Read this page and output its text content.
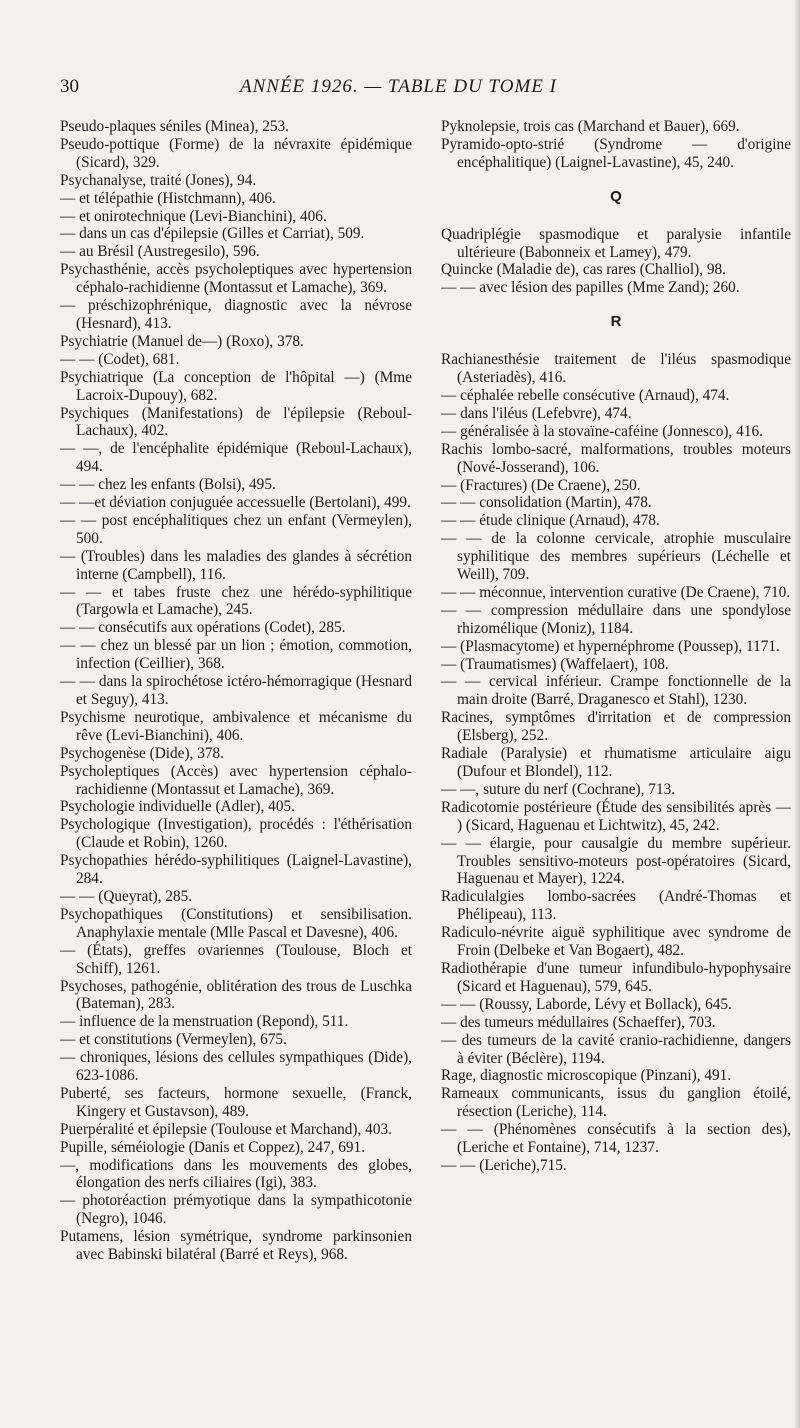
30	ANNÉE 1926. — TABLE DU TOME I

Pseudo-plaques séniles (Minea), 253.

Pseudo-pottique (Forme) de la névraxite épidémique (Sicard), 329.

Psychanalyse, traité (Jones), 94.

— et télépathie (Histchmann), 406.

— et onirotechnique (Levi-Bianchini), 406.

— dans un cas d'épilepsie (Gilles et Carriat), 509.

— au Brésil (Austregesilo), 596.

Psychasthénie, accès psycholeptiques avec hypertension céphalo-rachidienne (Montassut et Lamache), 369.

— préschizophrénique, diagnostic avec la névrose (Hesnard), 413.

Psychiatrie (Manuel de—) (Roxo), 378.

— — (Codet), 681.

Psychiatrique (La conception de l'hôpital —) (Mme Lacroix-Dupouy), 682.

Psychiques (Manifestations) de l'épilepsie (Reboul-Lachaux), 402.

— —, de l'encéphalite épidémique (Reboul-Lachaux), 494.

— — chez les enfants (Bolsi), 495.

— —et déviation conjuguée accessuelle (Bertolani), 499.

— — post encéphalitiques chez un enfant (Vermeylen), 500.

— (Troubles) dans les maladies des glandes à sécrétion interne (Campbell), 116.

— — et tabes fruste chez une hérédo-syphilitique (Targowla et Lamache), 245.

— — consécutifs aux opérations (Codet), 285.

— — chez un blessé par un lion ; émotion, commotion, infection (Ceillier), 368.

— — dans la spirochétose ictéro-hémorragique (Hesnard et Seguy), 413.

Psychisme neurotique, ambivalence et mécanisme du rêve (Levi-Bianchini), 406.

Psychogenèse (Dide), 378.

Psycholeptiques (Accès) avec hypertension céphalo-rachidienne (Montassut et Lamache), 369.

Psychologie individuelle (Adler), 405.

Psychologique (Investigation), procédés : l'éthérisation (Claude et Robin), 1260.

Psychopathies hérédo-syphilitiques (Laignel-Lavastine), 284.

— — (Queyrat), 285.

Psychopathiques (Constitutions) et sensibilisation. Anaphylaxie mentale (Mlle Pascal et Davesne), 406.

— (États), greffes ovariennes (Toulouse, Bloch et Schiff), 1261.

Psychoses, pathogénie, oblitération des trous de Luschka (Bateman), 283.

— influence de la menstruation (Repond), 511.

— et constitutions (Vermeylen), 675.

— chroniques, lésions des cellules sympathiques (Dide), 623-1086.

Puberté, ses facteurs, hormone sexuelle, (Franck, Kingery et Gustavson), 489.

Puerpéralité et épilepsie (Toulouse et Marchand), 403.

Pupille, séméiologie (Danis et Coppez), 247, 691.

—, modifications dans les mouvements des globes, élongation des nerfs ciliaires (Igi), 383.

— photoréaction prémyotique dans la sympathicotonie (Negro), 1046.

Putamens, lésion symétrique, syndrome parkinsonien avec Babinski bilatéral (Barré et Reys), 968.

Pyknolepsie, trois cas (Marchand et Bauer), 669.

Pyramido-opto-strié (Syndrome — d'origine encéphalitique) (Laignel-Lavastine), 45, 240.

Q

Quadriplégie spasmodique et paralysie infantile ultérieure (Babonneix et Lamey), 479.

Quincke (Maladie de), cas rares (Challiol), 98.

— — avec lésion des papilles (Mme Zand); 260.

R

Rachianesthésie traitement de l'iléus spasmodique (Asteriadès), 416.

— céphalée rebelle consécutive (Arnaud), 474.

— dans l'iléus (Lefebvre), 474.

— généralisée à la stovaïne-caféine (Jonnesco), 416.

Rachis lombo-sacré, malformations, troubles moteurs (Nové-Josserand), 106.

— (Fractures) (De Craene), 250.

— — consolidation (Martin), 478.

— — étude clinique (Arnaud), 478.

— — de la colonne cervicale, atrophie musculaire syphilitique des membres supérieurs (Léchelle et Weill), 709.

— — méconnue, intervention curative (De Craene), 710.

— — compression médullaire dans une spondylose rhizomélique (Moniz), 1184.

— (Plasmacytome) et hypernéphrome (Poussep), 1171.

— (Traumatismes) (Waffelaert), 108.

— — cervical inférieur. Crampe fonctionnelle de la main droite (Barré, Draganesco et Stahl), 1230.

Racines, symptômes d'irritation et de compression (Elsberg), 252.

Radiale (Paralysie) et rhumatisme articulaire aigu (Dufour et Blondel), 112.

— —, suture du nerf (Cochrane), 713.

Radicotomie postérieure (Étude des sensibilités après — ) (Sicard, Haguenau et Lichtwitz), 45, 242.

— — élargie, pour causalgie du membre supérieur. Troubles sensitivo-moteurs post-opératoires (Sicard, Haguenau et Mayer), 1224.

Radiculalgies lombo-sacrées (André-Thomas et Phélipeau), 113.

Radiculo-névrite aiguë syphilitique avec syndrome de Froin (Delbeke et Van Bogaert), 482.

Radiothérapie d'une tumeur infundibulo-hypophysaire (Sicard et Haguenau), 579, 645.

— — (Roussy, Laborde, Lévy et Bollack), 645.

— des tumeurs médullaires (Schaeffer), 703.

— des tumeurs de la cavité cranio-rachidienne, dangers à éviter (Béclère), 1194.

Rage, diagnostic microscopique (Pinzani), 491.

Rameaux communicants, issus du ganglion étoilé, résection (Leriche), 114.

— — (Phénomènes consécutifs à la section des), (Leriche et Fontaine), 714, 1237.

— — (Leriche),715.
